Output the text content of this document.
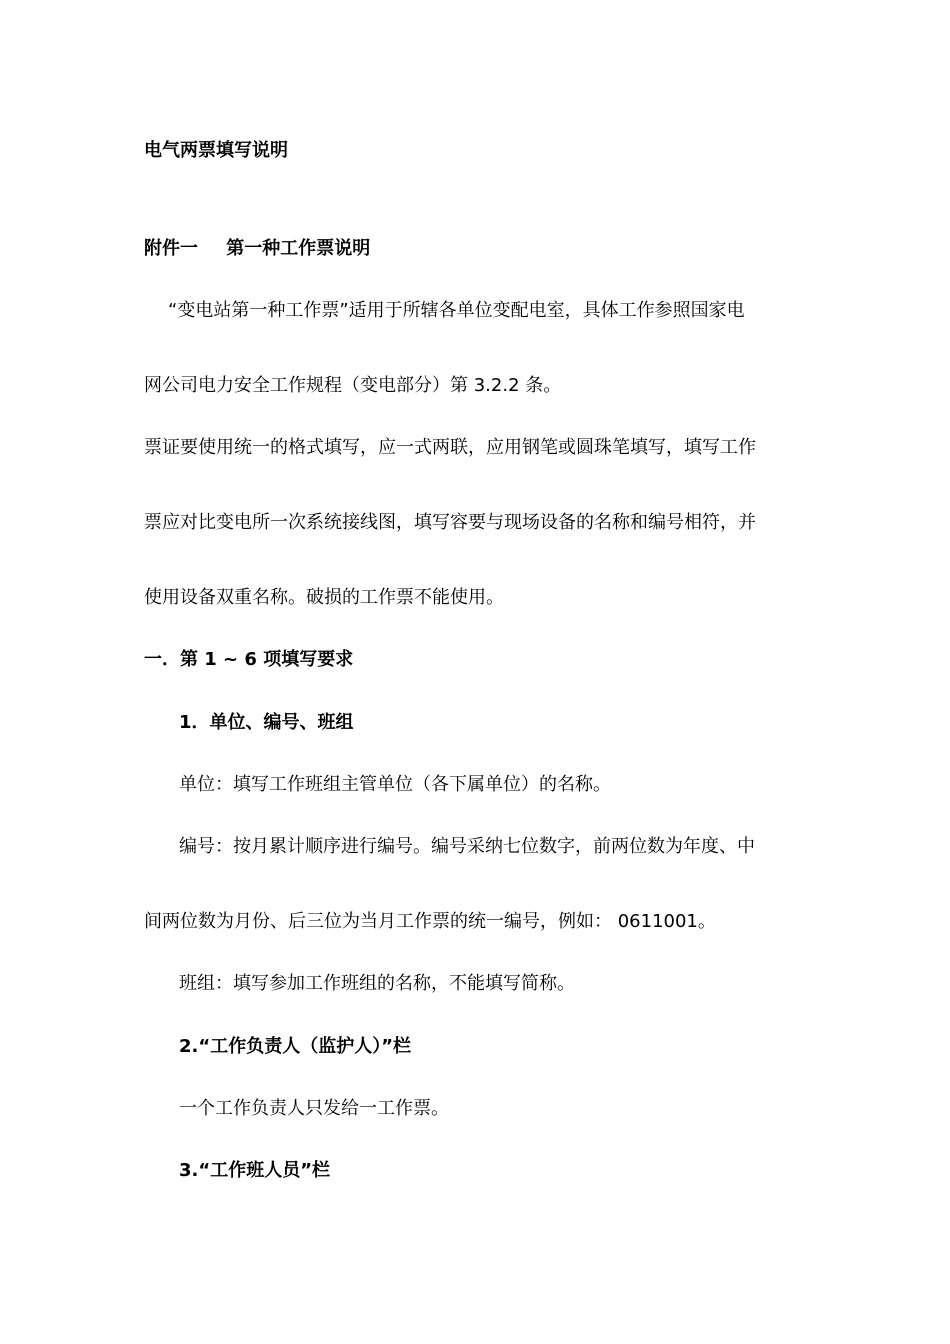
电气两票填写说明
附件一 第一种工作票说明
“变电站第一种工作票”适用于所辖各单位变配电室，具体工作参照国家电
网公司电力安全工作规程（变电部分）第 3.2.2 条。
票证要使用统一的格式填写，应一式两联，应用钢笔或圆珠笔填写，填写工作
票应对比变电所一次系统接线图，填写容要与现场设备的名称和编号相符，并
使用设备双重名称。破损的工作票不能使用。
一．第 1 ~ 6 项填写要求
1．单位、编号、班组
单位：填写工作班组主管单位（各下属单位）的名称。
编号：按月累计顺序进行编号。编号采纳七位数字，前两位数为年度、中
间两位数为月份、后三位为当月工作票的统一编号，例如： 0611001。
班组：填写参加工作班组的名称，不能填写简称。
2.“工作负责人（监护人）”栏
一个工作负责人只发给一工作票。
3.“工作班人员”栏
